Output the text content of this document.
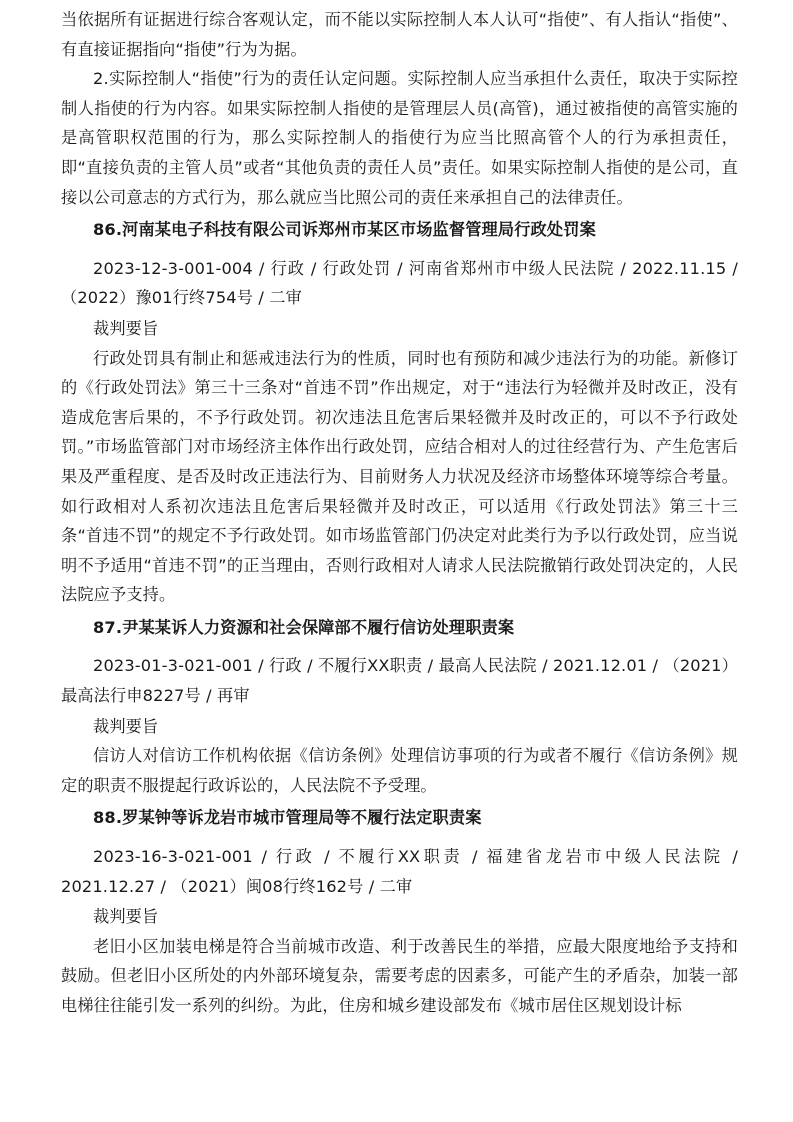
当依据所有证据进行综合客观认定，而不能以实际控制人本人认可“指使”、有人指认“指使”、有直接证据指向“指使”行为为据。

2.实际控制人“指使”行为的责任认定问题。实际控制人应当承担什么责任，取决于实际控制人指使的行为内容。如果实际控制人指使的是管理层人员(高管)，通过被指使的高管实施的是高管职权范围的行为，那么实际控制人的指使行为应当比照高管个人的行为承担责任，即“直接负责的主管人员”或者“其他负责的责任人员”责任。如果实际控制人指使的是公司，直接以公司意志的方式行为，那么就应当比照公司的责任来承担自己的法律责任。

86.河南某电子科技有限公司诉郑州市某区市场监督管理局行政处罚案

2023-12-3-001-004 / 行政 / 行政处罚 / 河南省郑州市中级人民法院 / 2022.11.15 / （2022）豫01行终754号 / 二审

裁判要旨

行政处罚具有制止和惩戒违法行为的性质，同时也有预防和减少违法行为的功能。新修订的《行政处罚法》第三十三条对“首违不罚”作出规定，对于“违法行为轻微并及时改正，没有造成危害后果的，不予行政处罚。初次违法且危害后果轻微并及时改正的，可以不予行政处罚。”市场监管部门对市场经济主体作出行政处罚，应结合相对人的过往经营行为、产生危害后果及严重程度、是否及时改正违法行为、目前财务人力状况及经济市场整体环境等综合考量。如行政相对人系初次违法且危害后果轻微并及时改正，可以适用《行政处罚法》第三十三条“首违不罚”的规定不予行政处罚。如市场监管部门仍决定对此类行为予以行政处罚，应当说明不予适用“首违不罚”的正当理由，否则行政相对人请求人民法院撤销行政处罚决定的，人民法院应予支持。

87.尹某某诉人力资源和社会保障部不履行信访处理职责案

2023-01-3-021-001 / 行政 / 不履行XX职责 / 最高人民法院 / 2021.12.01 / （2021）最高法行申8227号 / 再审

裁判要旨

信访人对信访工作机构依据《信访条例》处理信访事项的行为或者不履行《信访条例》规定的职责不服提起行政诉讼的，人民法院不予受理。

88.罗某钟等诉龙岩市城市管理局等不履行法定职责案

2023-16-3-021-001 / 行政 / 不履行XX职责 / 福建省龙岩市中级人民法院 / 2021.12.27 / （2021）闽08行终162号 / 二审

裁判要旨

老旧小区加装电梯是符合当前城市改造、利于改善民生的举措，应最大限度地给予支持和鼓励。但老旧小区所处的内外部环境复杂，需要考虑的因素多，可能产生的矛盾杂，加装一部电梯往往能引发一系列的纠纷。为此，住房和城乡建设部发布《城市居住区规划设计标
